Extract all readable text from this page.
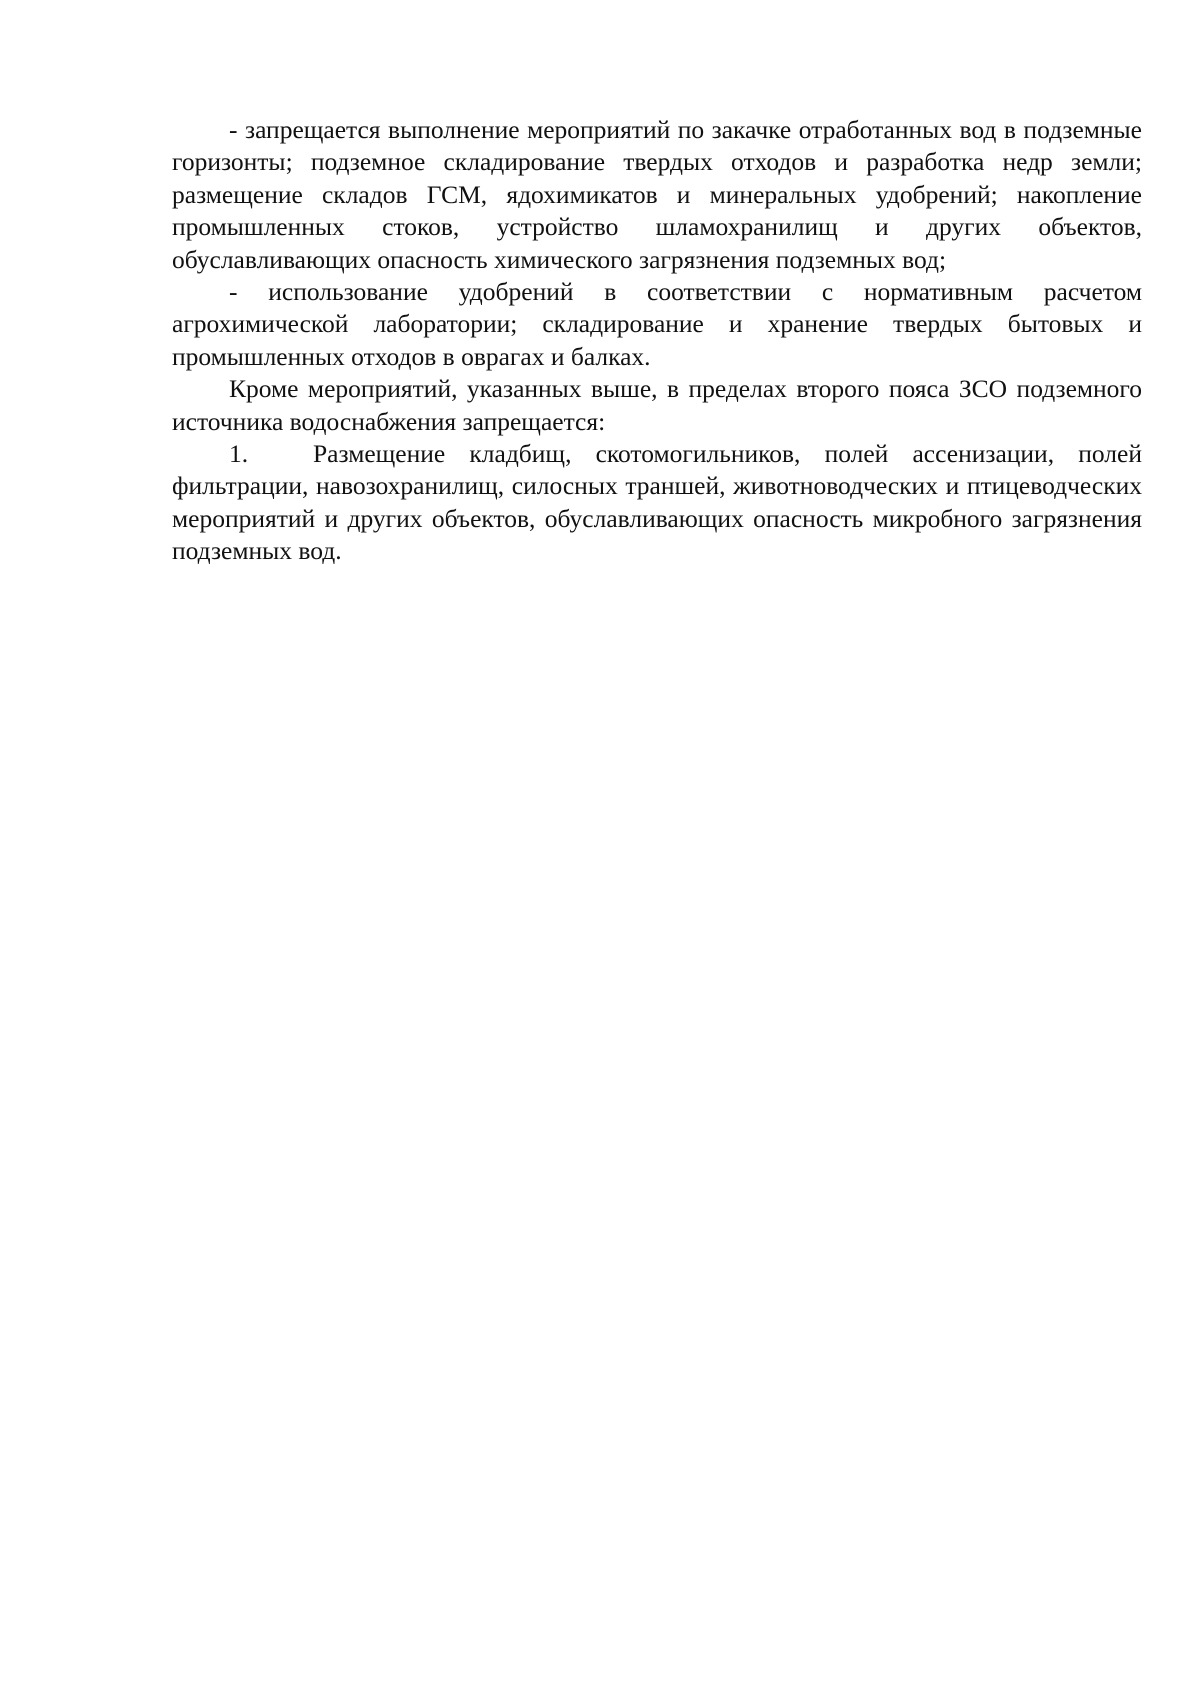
- запрещается выполнение мероприятий по закачке отработанных вод в подземные горизонты; подземное складирование твердых отходов и разработка недр земли; размещение складов ГСМ, ядохимикатов и минеральных удобрений; накопление промышленных стоков, устройство шламохранилищ и других объектов, обуславливающих опасность химического загрязнения подземных вод;

- использование удобрений в соответствии с нормативным расчетом агрохимической лаборатории; складирование и хранение твердых бытовых и промышленных отходов в оврагах и балках.

Кроме мероприятий, указанных выше, в пределах второго пояса ЗСО подземного источника водоснабжения запрещается:

1.	Размещение кладбищ, скотомогильников, полей ассенизации, полей фильтрации, навозохранилищ, силосных траншей, животноводческих и птицеводческих мероприятий и других объектов, обуславливающих опасность микробного загрязнения подземных вод.
